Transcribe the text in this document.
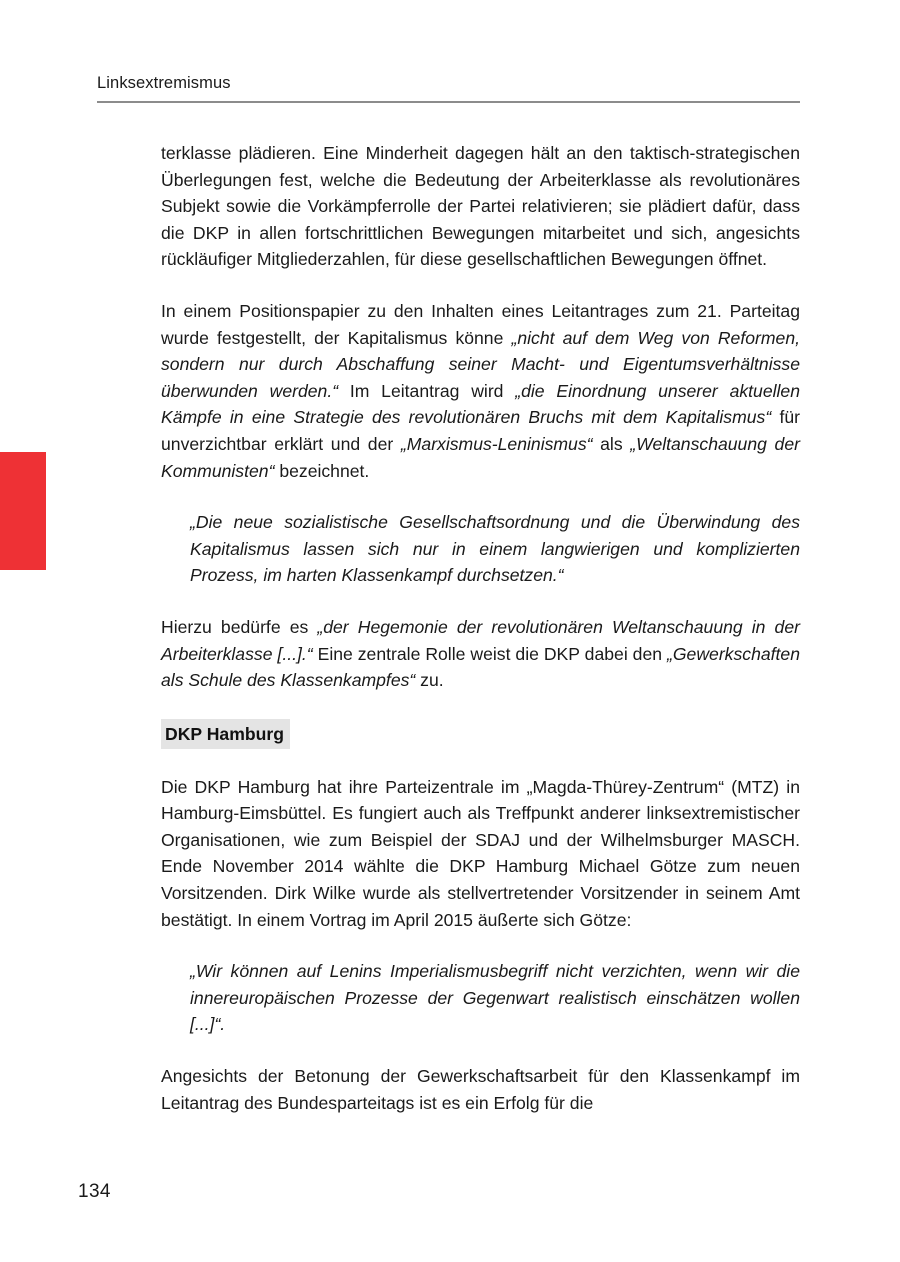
Linksextremismus

terklasse plädieren. Eine Minderheit dagegen hält an den taktisch-strategischen Überlegungen fest, welche die Bedeutung der Arbeiterklasse als revolutionäres Subjekt sowie die Vorkämpferrolle der Partei relativieren; sie plädiert dafür, dass die DKP in allen fortschrittlichen Bewegungen mitarbeitet und sich, angesichts rückläufiger Mitgliederzahlen, für diese gesellschaftlichen Bewegungen öffnet.

In einem Positionspapier zu den Inhalten eines Leitantrages zum 21. Parteitag wurde festgestellt, der Kapitalismus könne „nicht auf dem Weg von Reformen, sondern nur durch Abschaffung seiner Macht- und Eigentumsverhältnisse überwunden werden.“ Im Leitantrag wird „die Einordnung unserer aktuellen Kämpfe in eine Strategie des revolutionären Bruchs mit dem Kapitalismus“ für unverzichtbar erklärt und der „Marxismus-Leninismus“ als „Weltanschauung der Kommunisten“ bezeichnet.

„Die neue sozialistische Gesellschaftsordnung und die Überwindung des Kapitalismus lassen sich nur in einem langwierigen und komplizierten Prozess, im harten Klassenkampf durchsetzen.“

Hierzu bedürfe es „der Hegemonie der revolutionären Weltanschauung in der Arbeiterklasse [...].“ Eine zentrale Rolle weist die DKP dabei den „Gewerkschaften als Schule des Klassenkampfes“ zu.

DKP Hamburg

Die DKP Hamburg hat ihre Parteizentrale im „Magda-Thürey-Zentrum“ (MTZ) in Hamburg-Eimsbüttel. Es fungiert auch als Treffpunkt anderer linksextremistischer Organisationen, wie zum Beispiel der SDAJ und der Wilhelmsburger MASCH. Ende November 2014 wählte die DKP Hamburg Michael Götze zum neuen Vorsitzenden. Dirk Wilke wurde als stellvertretender Vorsitzender in seinem Amt bestätigt. In einem Vortrag im April 2015 äußerte sich Götze:

„Wir können auf Lenins Imperialismusbegriff nicht verzichten, wenn wir die innereuropäischen Prozesse der Gegenwart realistisch einschätzen wollen [...]“.

Angesichts der Betonung der Gewerkschaftsarbeit für den Klassenkampf im Leitantrag des Bundesparteitags ist es ein Erfolg für die

134
